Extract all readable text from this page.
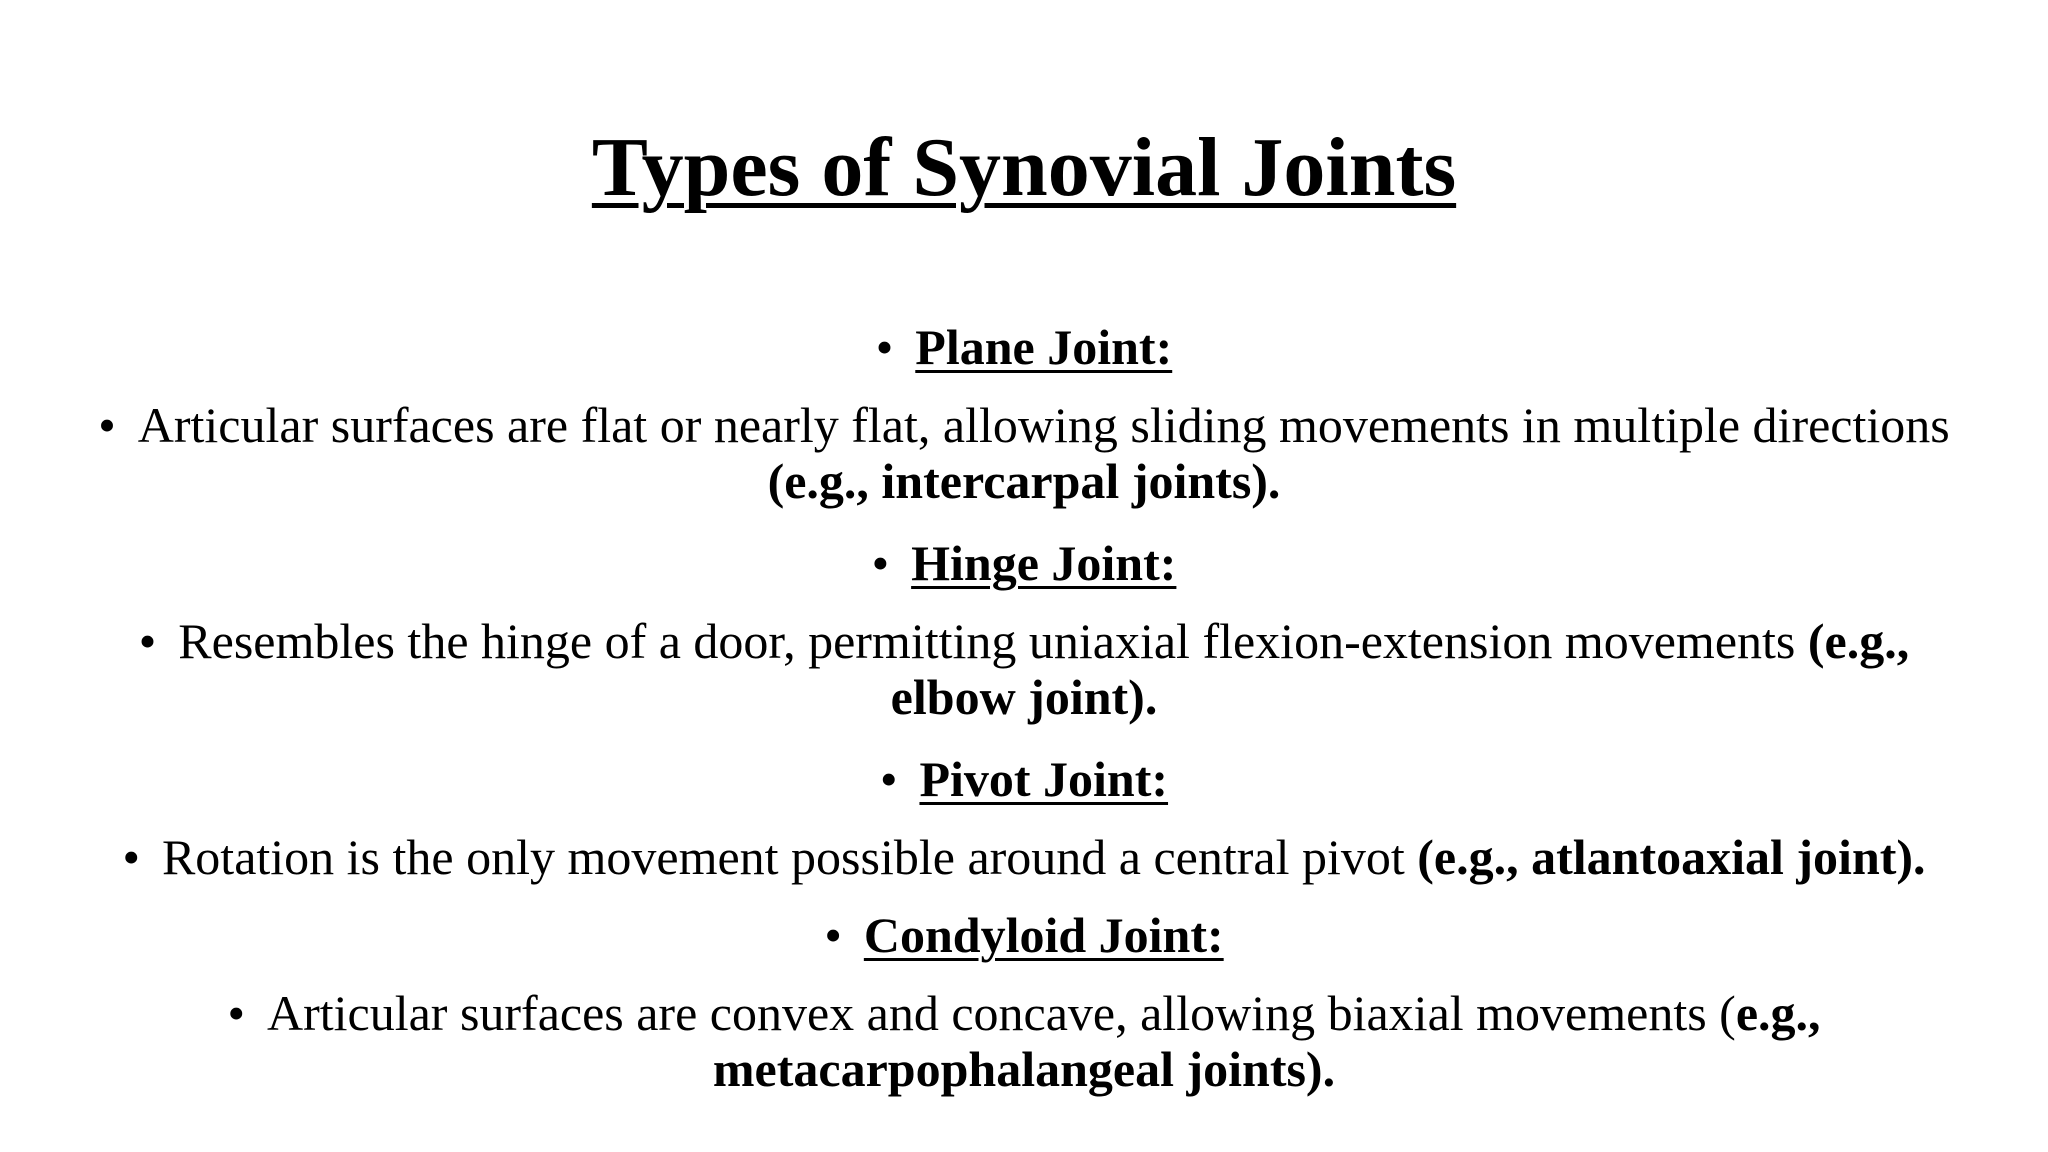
Types of Synovial Joints
• Plane Joint:
• Articular surfaces are flat or nearly flat, allowing sliding movements in multiple directions
(e.g., intercarpal joints).
• Hinge Joint:
• Resembles the hinge of a door, permitting uniaxial flexion-extension movements (e.g.,
elbow joint).
• Pivot Joint:
• Rotation is the only movement possible around a central pivot (e.g., atlantoaxial joint).
• Condyloid Joint:
• Articular surfaces are convex and concave, allowing biaxial movements (e.g.,
metacarpophalangeal joints).
